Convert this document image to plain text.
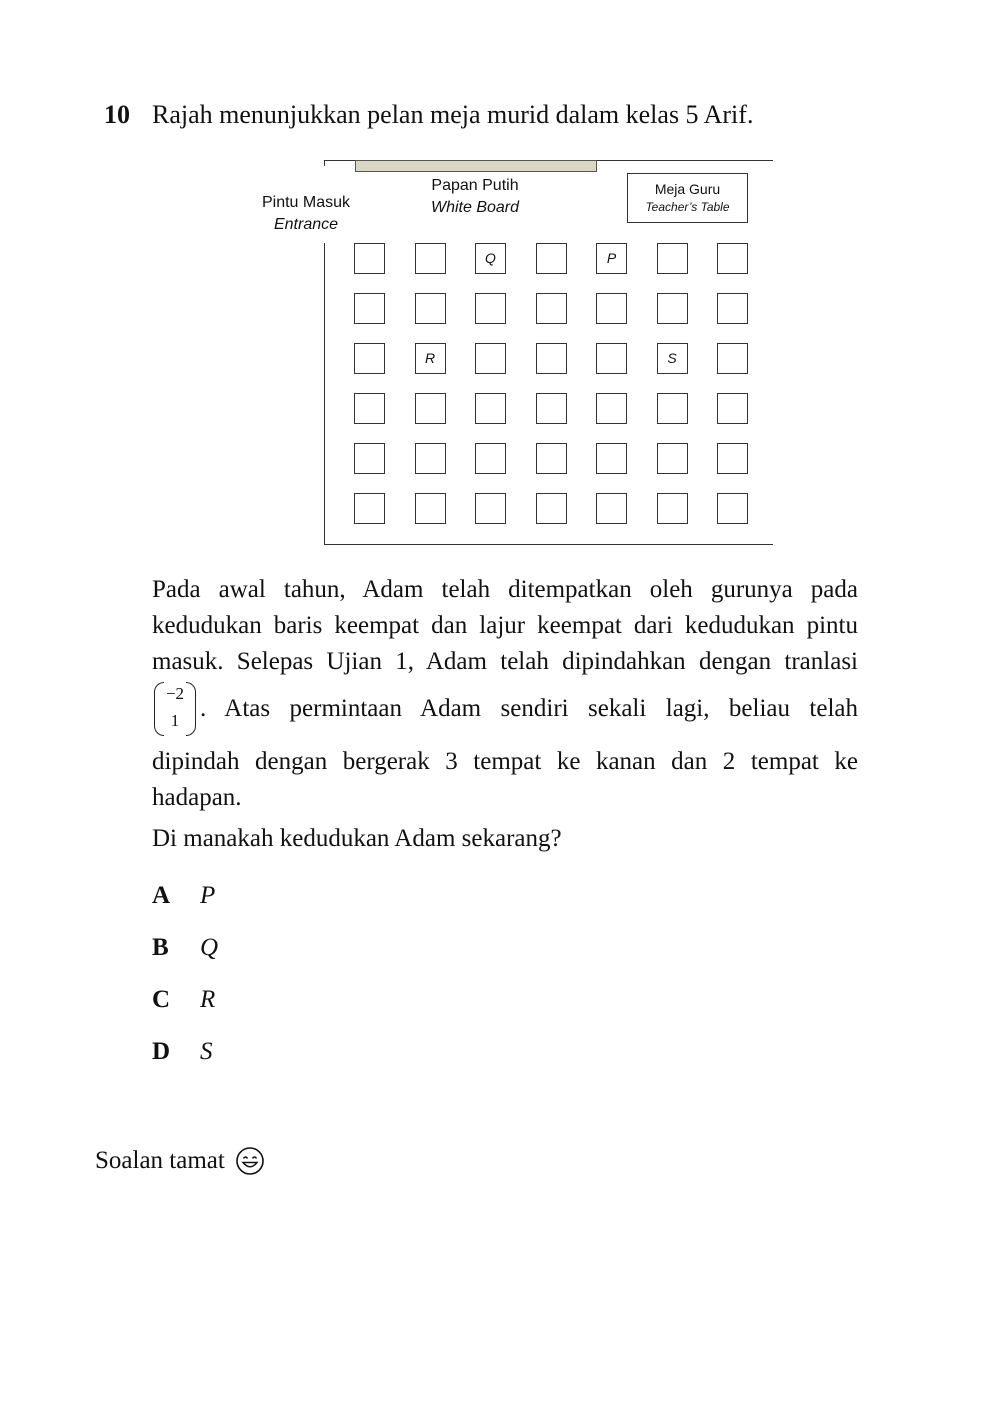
10 Rajah menunjukkan pelan meja murid dalam kelas 5 Arif.
Papan Putih
White Board
Pintu Masuk
Entrance
Meja Guru
Teacher’s Table
Q	P
R	S
Pada awal tahun, Adam telah ditempatkan oleh gurunya pada
kedudukan baris keempat dan lajur keempat dari kedudukan pintu
masuk. Selepas Ujian 1, Adam telah dipindahkan dengan tranlasi
−2
1 . Atas permintaan Adam sendiri sekali lagi, beliau telah
dipindah dengan bergerak 3 tempat ke kanan dan 2 tempat ke
hadapan.
Di manakah kedudukan Adam sekarang?
A P
B Q
C R
D S
Soalan tamat
